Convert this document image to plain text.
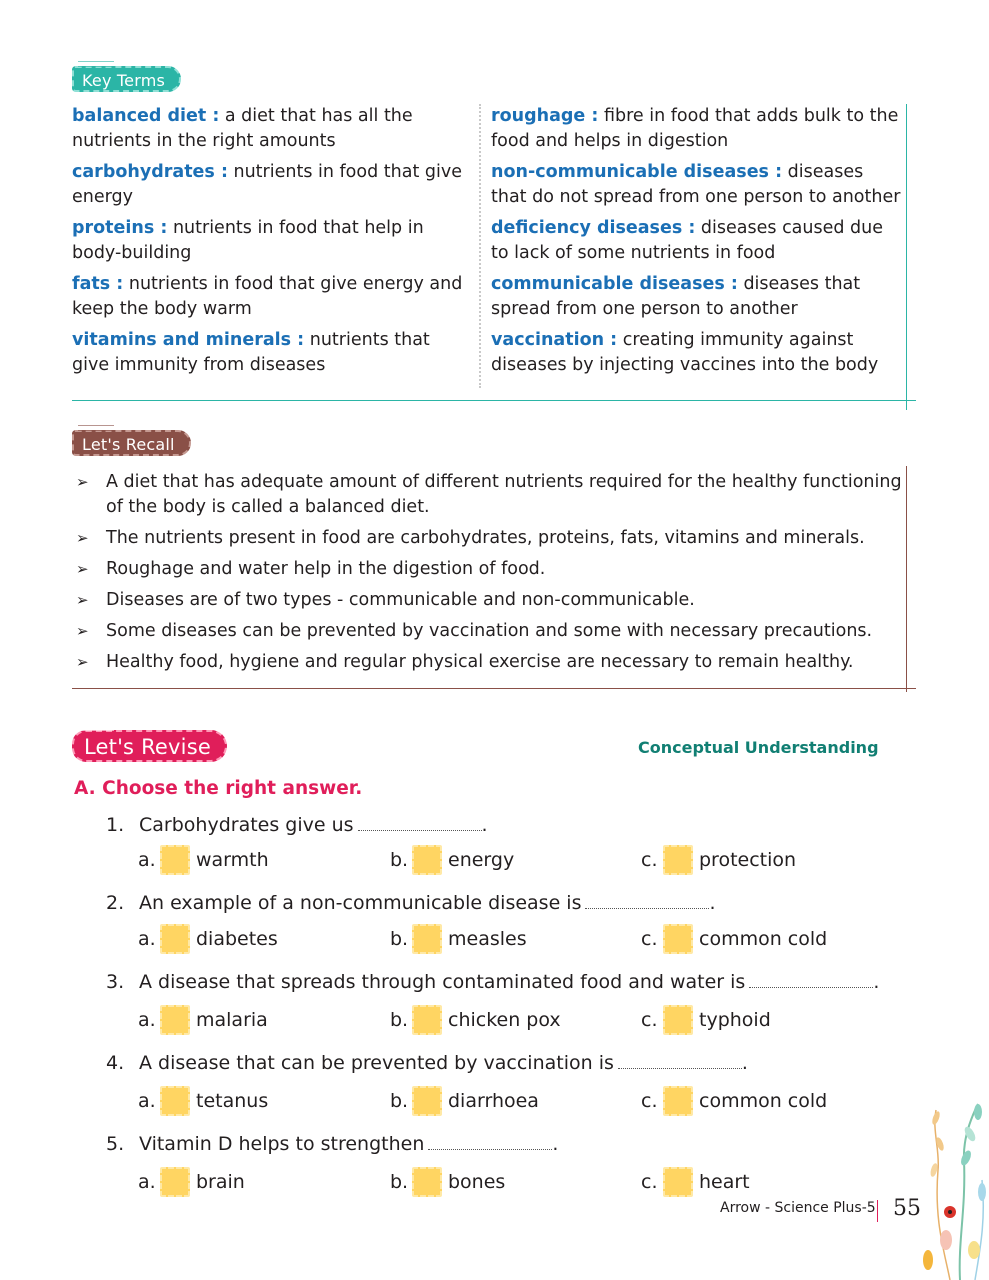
Key Terms

balanced diet : a diet that has all the nutrients in the right amounts

carbohydrates : nutrients in food that give energy

proteins : nutrients in food that help in body-building

fats : nutrients in food that give energy and keep the body warm

vitamins and minerals : nutrients that give immunity from diseases

roughage : fibre in food that adds bulk to the food and helps in digestion

non-communicable diseases : diseases that do not spread from one person to another

deficiency diseases : diseases caused due to lack of some nutrients in food

communicable diseases : diseases that spread from one person to another

vaccination : creating immunity against diseases by injecting vaccines into the body

Let's Recall
➢ A diet that has adequate amount of different nutrients required for the healthy functioning of the body is called a balanced diet.
➢ The nutrients present in food are carbohydrates, proteins, fats, vitamins and minerals.
➢ Roughage and water help in the digestion of food.
➢ Diseases are of two types - communicable and non-communicable.
➢ Some diseases can be prevented by vaccination and some with necessary precautions.
➢ Healthy food, hygiene and regular physical exercise are necessary to remain healthy.
Let's Revise	Conceptual Understanding
A. Choose the right answer.
1. Carbohydrates give us	.
a. warmth	b. energy	c. protection
2. An example of a non-communicable disease is	.
a. diabetes	b. measles	c. common cold
3. A disease that spreads through contaminated food and water is	.
a. malaria	b. chicken pox	c. typhoid
4. A disease that can be prevented by vaccination is	.
a. tetanus	b. diarrhoea	c. common cold
5. Vitamin D helps to strengthen	.
a. brain	b. bones	c. heart
Arrow - Science Plus-5 55
